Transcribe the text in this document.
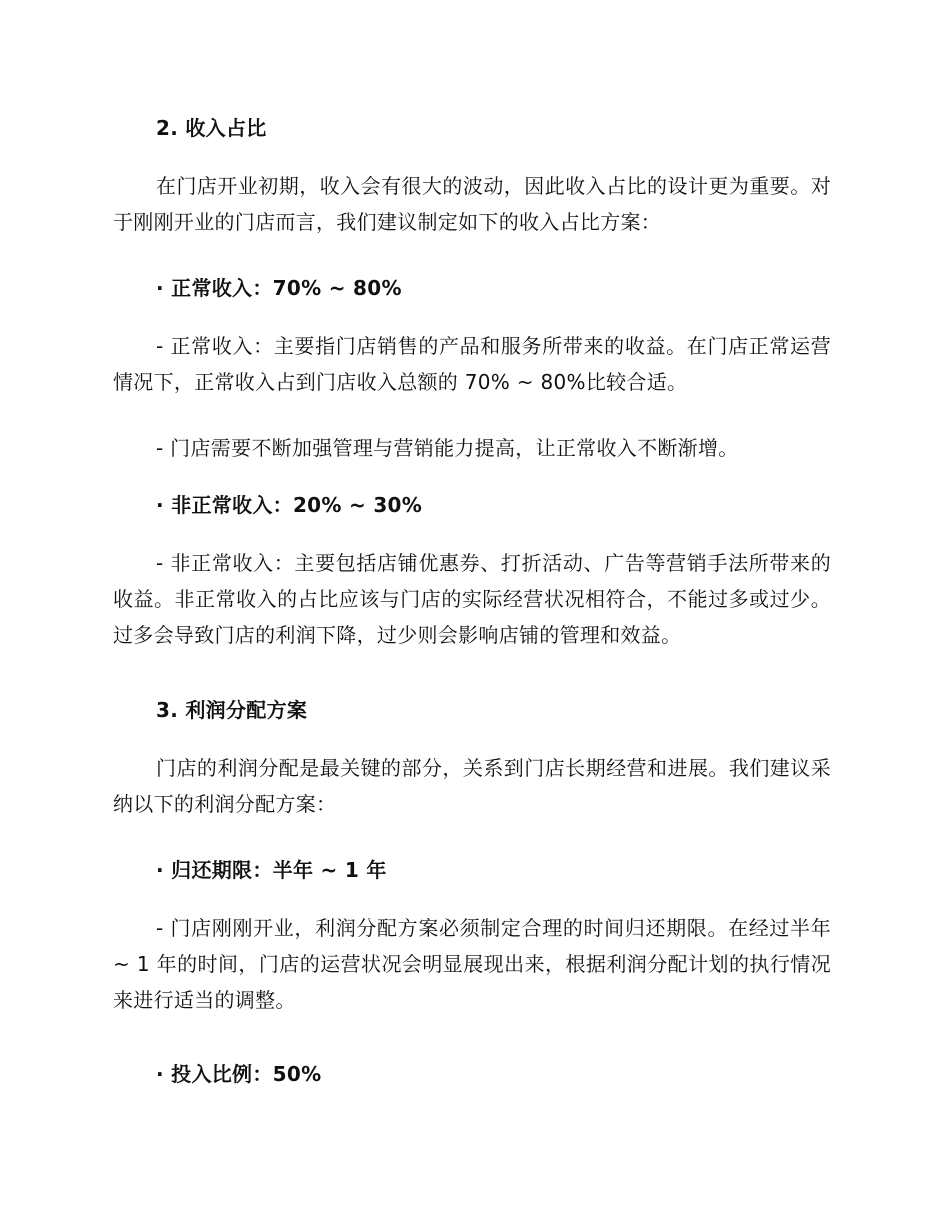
2. 收入占比

在门店开业初期，收入会有很大的波动，因此收入占比的设计更为重要。对于刚刚开业的门店而言，我们建议制定如下的收入占比方案：

· 正常收入：70% ~ 80%

- 正常收入：主要指门店销售的产品和服务所带来的收益。在门店正常运营情况下，正常收入占到门店收入总额的 70% ~ 80%比较合适。

- 门店需要不断加强管理与营销能力提高，让正常收入不断渐增。

· 非正常收入：20% ~ 30%

- 非正常收入：主要包括店铺优惠券、打折活动、广告等营销手法所带来的收益。非正常收入的占比应该与门店的实际经营状况相符合，不能过多或过少。过多会导致门店的利润下降，过少则会影响店铺的管理和效益。

3. 利润分配方案

门店的利润分配是最关键的部分，关系到门店长期经营和进展。我们建议采纳以下的利润分配方案：

· 归还期限：半年 ~ 1 年

- 门店刚刚开业，利润分配方案必须制定合理的时间归还期限。在经过半年 ~ 1 年的时间，门店的运营状况会明显展现出来，根据利润分配计划的执行情况来进行适当的调整。

· 投入比例：50%
